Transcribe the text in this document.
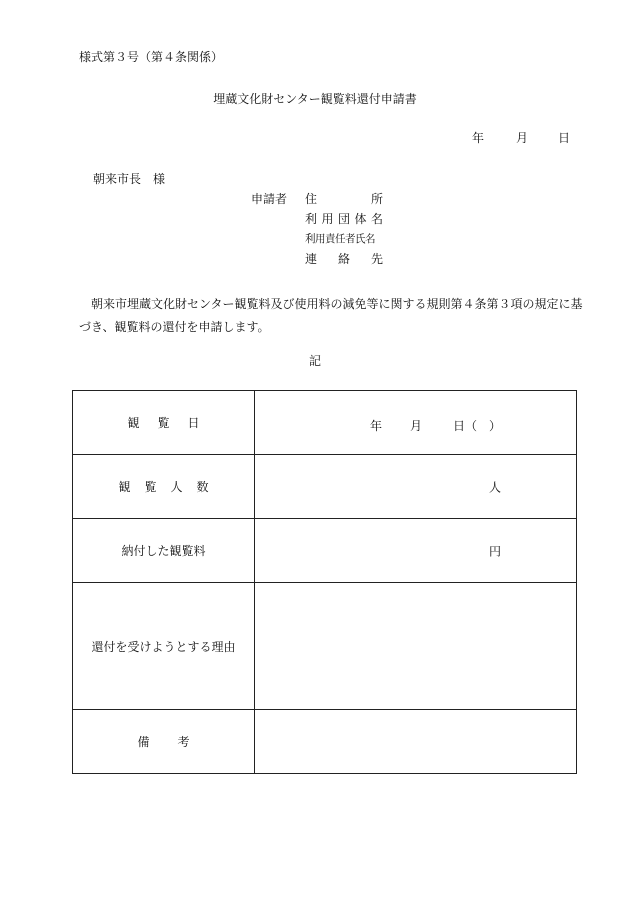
様式第３号（第４条関係）
埋蔵文化財センター観覧料還付申請書
年	月 日
朝来市長　様
申請者 住	所
利 用 団 体 名
利用責任者氏名
連 絡 先
朝来市埋蔵文化財センター観覧料及び使用料の減免等に関する規則第４条第３項の規定に基づき、観覧料の還付を申請します。
記
観 覧 日	年 月 日（　）

観 覧 人 数	人

納付した観覧料	円

還付を受けようとする理由	
備 考	
